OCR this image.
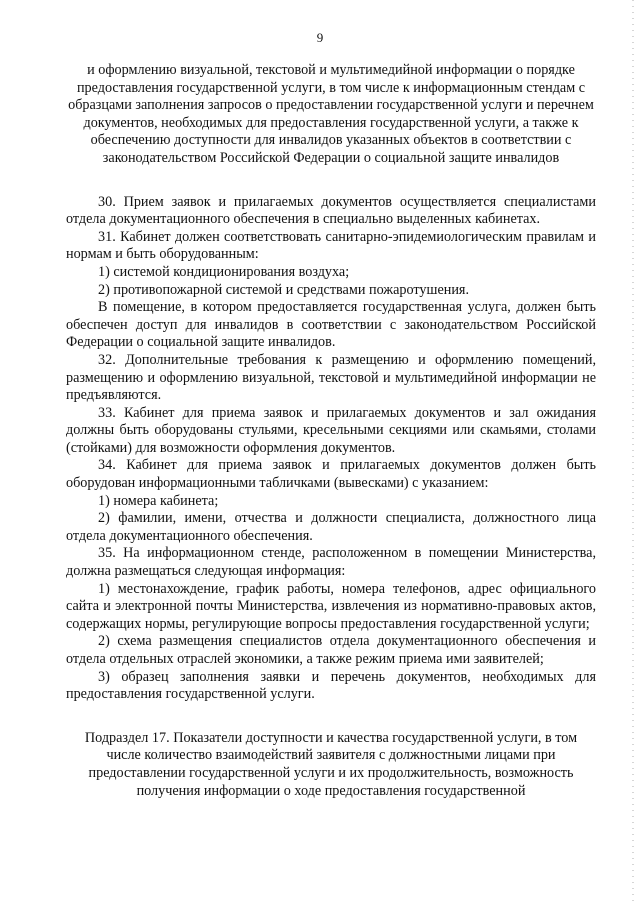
9

и оформлению визуальной, текстовой и мультимедийной информации о порядке предоставления государственной услуги, в том числе к информационным стендам с образцами заполнения запросов о предоставлении государственной услуги и перечнем документов, необходимых для предоставления государственной услуги, а также к обеспечению доступности для инвалидов указанных объектов в соответствии с законодательством Российской Федерации о социальной защите инвалидов

30. Прием заявок и прилагаемых документов осуществляется специалистами отдела документационного обеспечения в специально выделенных кабинетах.

31. Кабинет должен соответствовать санитарно-эпидемиологическим правилам и нормам и быть оборудованным:

1) системой кондиционирования воздуха;

2) противопожарной системой и средствами пожаротушения.

В помещение, в котором предоставляется государственная услуга, должен быть обеспечен доступ для инвалидов в соответствии с законодательством Российской Федерации о социальной защите инвалидов.

32. Дополнительные требования к размещению и оформлению помещений, размещению и оформлению визуальной, текстовой и мультимедийной информации не предъявляются.

33. Кабинет для приема заявок и прилагаемых документов и зал ожидания должны быть оборудованы стульями, кресельными секциями или скамьями, столами (стойками) для возможности оформления документов.

34. Кабинет для приема заявок и прилагаемых документов должен быть оборудован информационными табличками (вывесками) с указанием:

1) номера кабинета;

2) фамилии, имени, отчества и должности специалиста, должностного лица отдела документационного обеспечения.

35. На информационном стенде, расположенном в помещении Министерства, должна размещаться следующая информация:

1) местонахождение, график работы, номера телефонов, адрес официального сайта и электронной почты Министерства, извлечения из нормативно-правовых актов, содержащих нормы, регулирующие вопросы предоставления государственной услуги;

2) схема размещения специалистов отдела документационного обеспечения и отдела отдельных отраслей экономики, а также режим приема ими заявителей;

3) образец заполнения заявки и перечень документов, необходимых для предоставления государственной услуги.

Подраздел 17. Показатели доступности и качества государственной услуги, в том числе количество взаимодействий заявителя с должностными лицами при предоставлении государственной услуги и их продолжительность, возможность получения информации о ходе предоставления государственной
